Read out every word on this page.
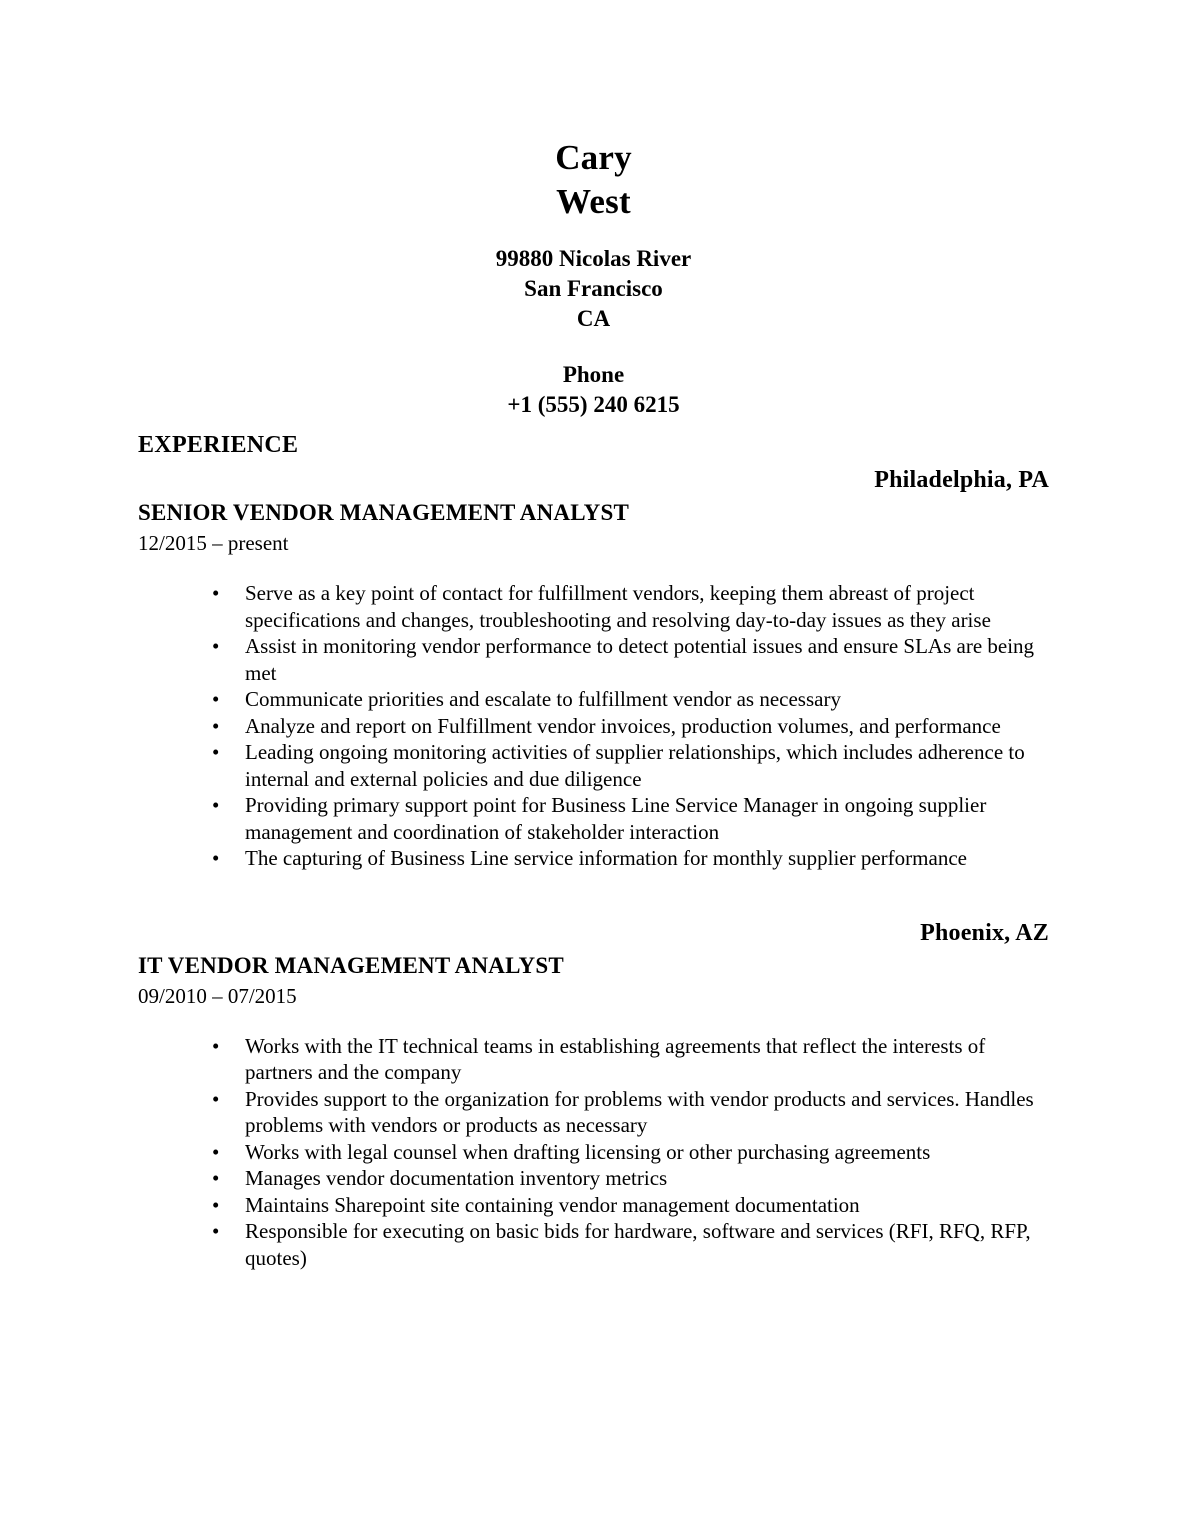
Cary
West
99880 Nicolas River
San Francisco
CA
Phone
+1 (555) 240 6215
EXPERIENCE
Philadelphia, PA
SENIOR VENDOR MANAGEMENT ANALYST
12/2015 – present
• Serve as a key point of contact for fulfillment vendors, keeping them abreast of project specifications and changes, troubleshooting and resolving day-to-day issues as they arise
• Assist in monitoring vendor performance to detect potential issues and ensure SLAs are being met
• Communicate priorities and escalate to fulfillment vendor as necessary
• Analyze and report on Fulfillment vendor invoices, production volumes, and performance
• Leading ongoing monitoring activities of supplier relationships, which includes adherence to internal and external policies and due diligence
• Providing primary support point for Business Line Service Manager in ongoing supplier management and coordination of stakeholder interaction
• The capturing of Business Line service information for monthly supplier performance
Phoenix, AZ
IT VENDOR MANAGEMENT ANALYST
09/2010 – 07/2015
• Works with the IT technical teams in establishing agreements that reflect the interests of partners and the company
• Provides support to the organization for problems with vendor products and services. Handles problems with vendors or products as necessary
• Works with legal counsel when drafting licensing or other purchasing agreements
• Manages vendor documentation inventory metrics
• Maintains Sharepoint site containing vendor management documentation
• Responsible for executing on basic bids for hardware, software and services (RFI, RFQ, RFP, quotes)
